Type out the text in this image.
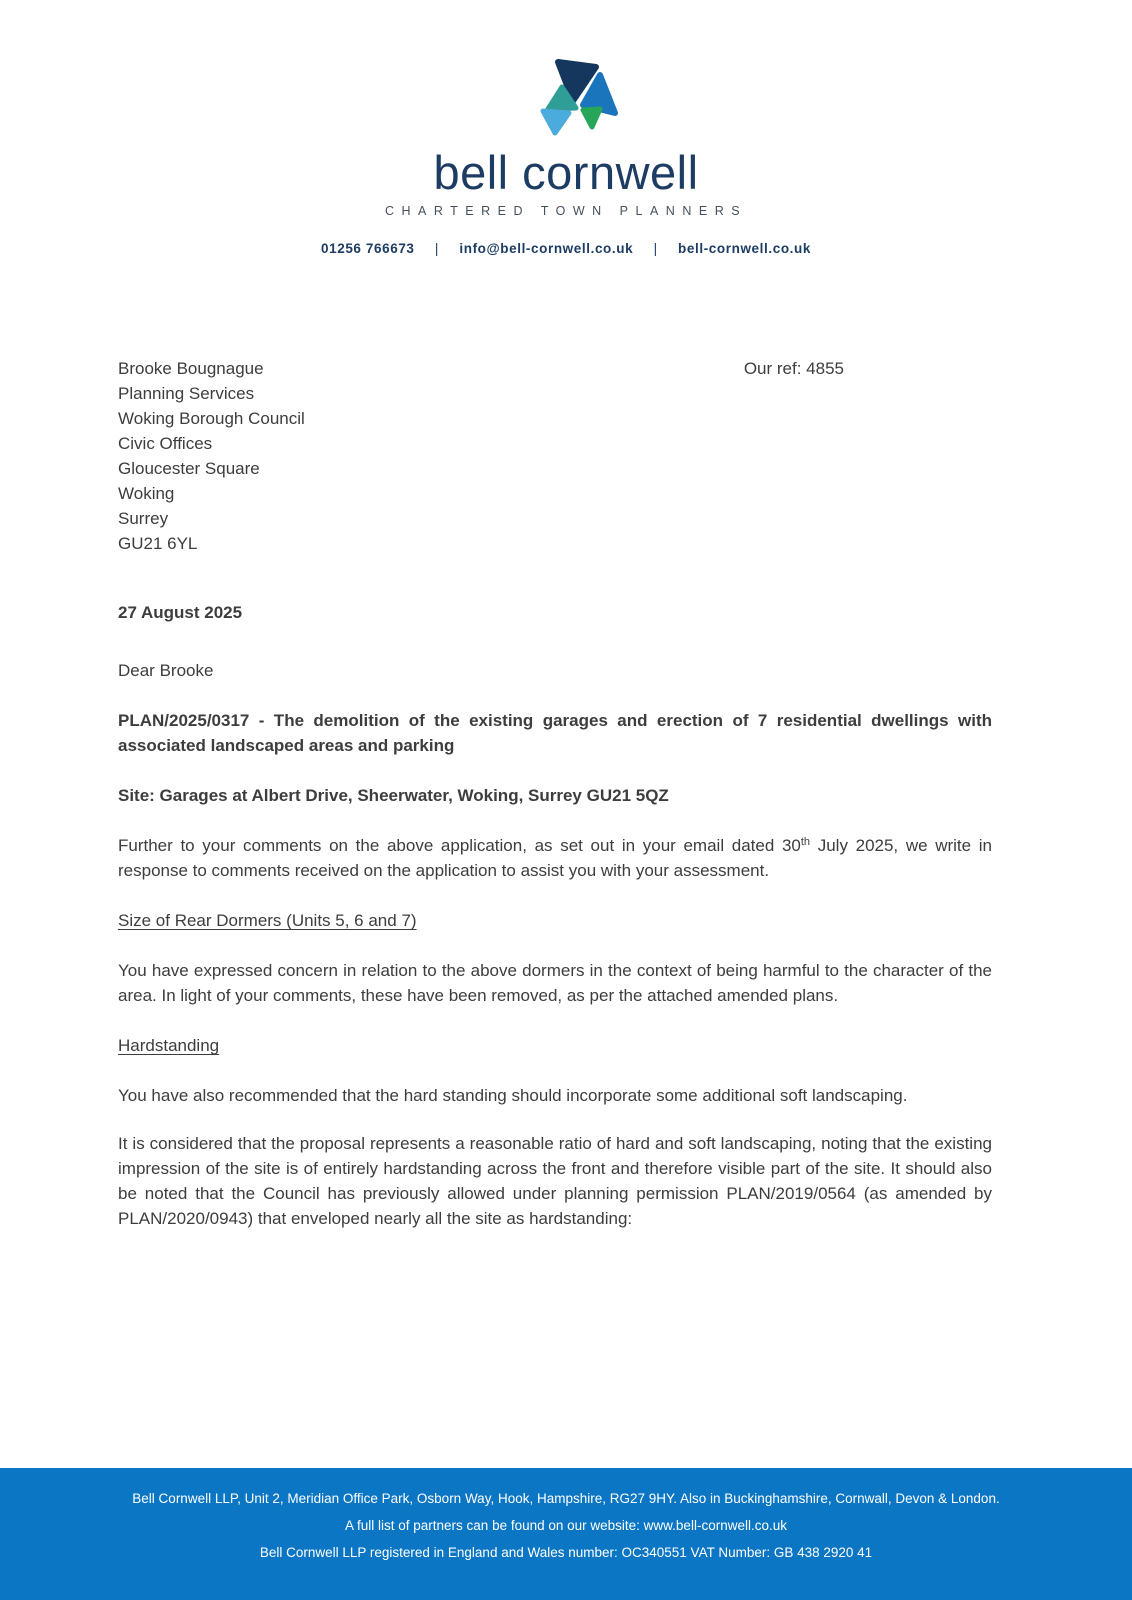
bell cornwell
CHARTERED TOWN PLANNERS
01256 766673 | info@bell-cornwell.co.uk | bell-cornwell.co.uk
Brooke Bougnague
Planning Services
Woking Borough Council
Civic Offices
Gloucester Square
Woking
Surrey
GU21 6YL
Our ref: 4855
27 August 2025
Dear Brooke

PLAN/2025/0317 - The demolition of the existing garages and erection of 7 residential dwellings with associated landscaped areas and parking

Site: Garages at Albert Drive, Sheerwater, Woking, Surrey GU21 5QZ

Further to your comments on the above application, as set out in your email dated 30th July 2025, we write in response to comments received on the application to assist you with your assessment.

Size of Rear Dormers (Units 5, 6 and 7)

You have expressed concern in relation to the above dormers in the context of being harmful to the character of the area. In light of your comments, these have been removed, as per the attached amended plans.

Hardstanding

You have also recommended that the hard standing should incorporate some additional soft landscaping.

It is considered that the proposal represents a reasonable ratio of hard and soft landscaping, noting that the existing impression of the site is of entirely hardstanding across the front and therefore visible part of the site. It should also be noted that the Council has previously allowed under planning permission PLAN/2019/0564 (as amended by PLAN/2020/0943) that enveloped nearly all the site as hardstanding:

Bell Cornwell LLP, Unit 2, Meridian Office Park, Osborn Way, Hook, Hampshire, RG27 9HY. Also in Buckinghamshire, Cornwall, Devon & London.
A full list of partners can be found on our website: www.bell-cornwell.co.uk
Bell Cornwell LLP registered in England and Wales number: OC340551 VAT Number: GB 438 2920 41
